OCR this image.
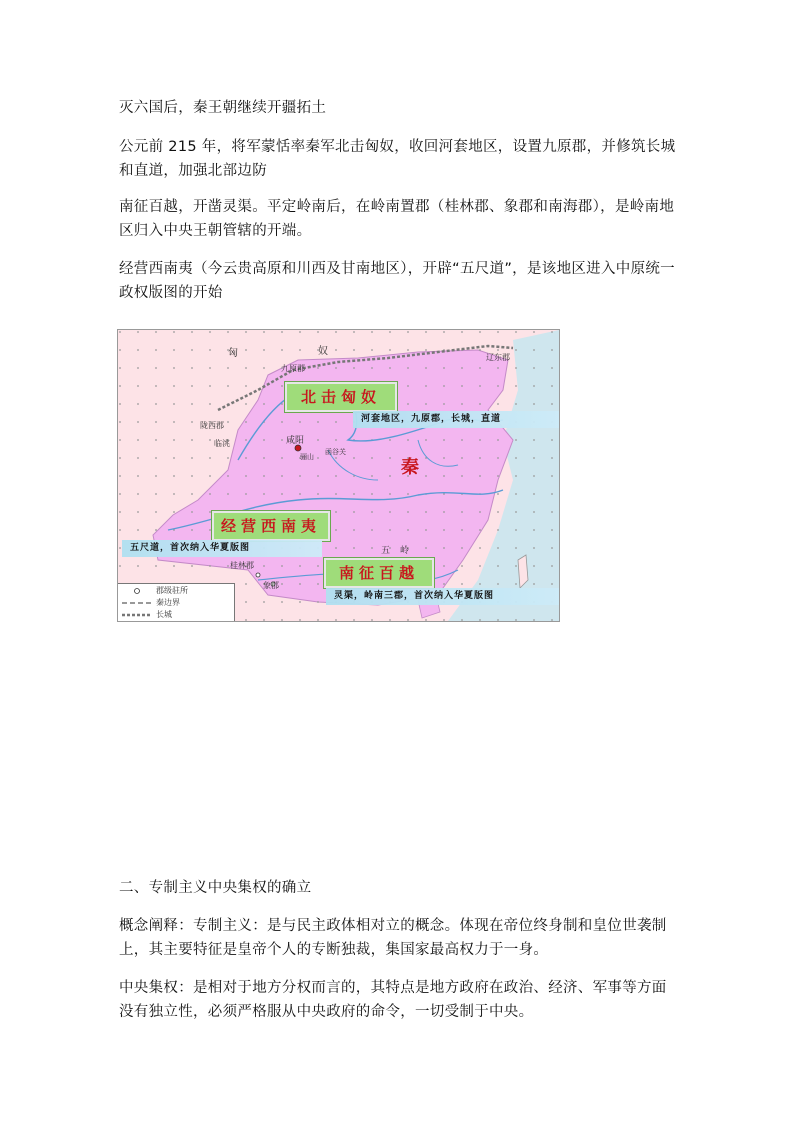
灭六国后，秦王朝继续开疆拓土

公元前 215 年，将军蒙恬率秦军北击匈奴，收回河套地区，设置九原郡，并修筑长城和直道，加强北部边防

南征百越，开凿灵渠。平定岭南后，在岭南置郡（桂林郡、象郡和南海郡），是岭南地区归入中央王朝管辖的开端。

经营西南夷（今云贵高原和川西及甘南地区），开辟“五尺道”，是该地区进入中原统一政权版图的开始

匈	奴
九原郡
辽东郡
陇西郡
临洮	咸阳
骊山
函谷关
秦
五 岭
桂林郡
象郡
北击匈奴
河套地区，九原郡，长城，直道
经营西南夷
五尺道，首次纳入华夏版图
南征百越
灵渠，岭南三郡，首次纳入华夏版图
郡级驻所
秦边界
长城

二、专制主义中央集权的确立

概念阐释：专制主义：是与民主政体相对立的概念。体现在帝位终身制和皇位世袭制上，其主要特征是皇帝个人的专断独裁，集国家最高权力于一身。

中央集权：是相对于地方分权而言的，其特点是地方政府在政治、经济、军事等方面没有独立性，必须严格服从中央政府的命令，一切受制于中央。
